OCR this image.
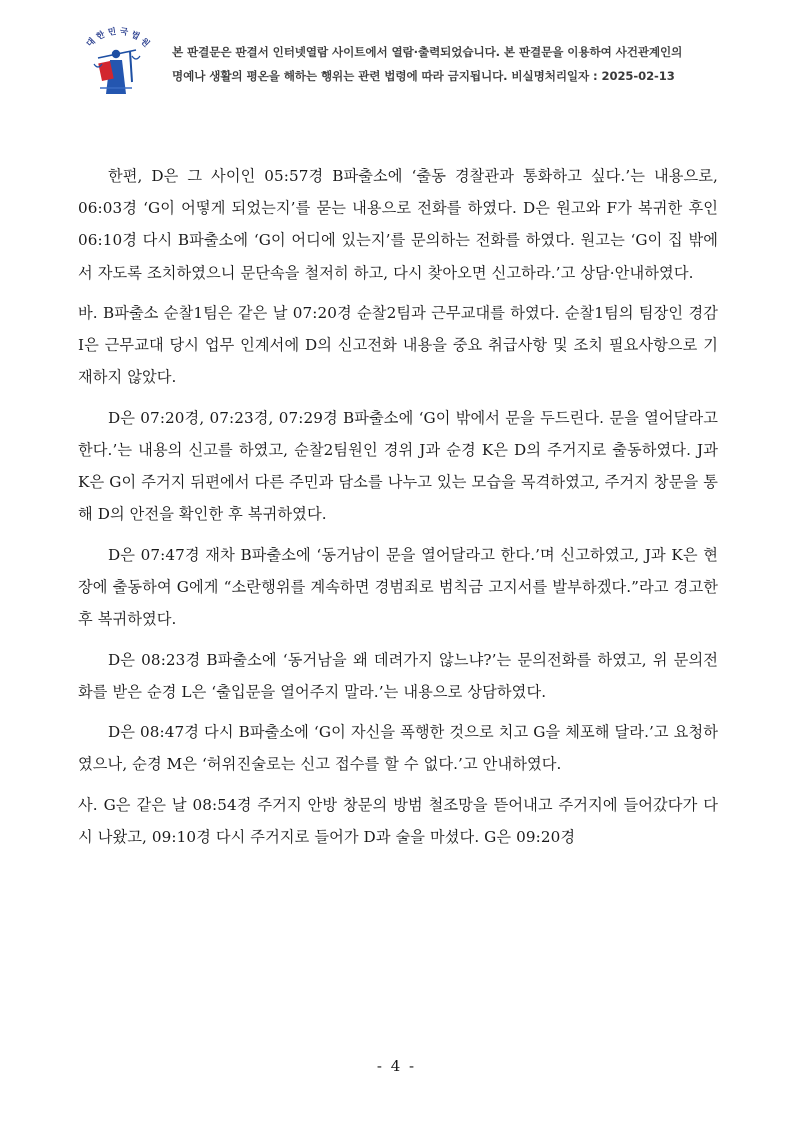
대 한 민 국 법 원
본 판결문은 판결서 인터넷열람 사이트에서 열람·출력되었습니다. 본 판결문을 이용하여 사건관계인의
명예나 생활의 평온을 해하는 행위는 관련 법령에 따라 금지됩니다. 비실명처리일자 : 2025-02-13

한편, D은 그 사이인 05:57경 B파출소에 ‘출동 경찰관과 통화하고 싶다.’는 내용으로, 06:03경 ‘G이 어떻게 되었는지’를 묻는 내용으로 전화를 하였다. D은 원고와 F가 복귀한 후인 06:10경 다시 B파출소에 ‘G이 어디에 있는지’를 문의하는 전화를 하였다. 원고는 ‘G이 집 밖에서 자도록 조치하였으니 문단속을 철저히 하고, 다시 찾아오면 신고하라.’고 상담·안내하였다.

바. B파출소 순찰1팀은 같은 날 07:20경 순찰2팀과 근무교대를 하였다. 순찰1팀의 팀장인 경감 I은 근무교대 당시 업무 인계서에 D의 신고전화 내용을 중요 취급사항 및 조치 필요사항으로 기재하지 않았다.

D은 07:20경, 07:23경, 07:29경 B파출소에 ‘G이 밖에서 문을 두드린다. 문을 열어달라고 한다.’는 내용의 신고를 하였고, 순찰2팀원인 경위 J과 순경 K은 D의 주거지로 출동하였다. J과 K은 G이 주거지 뒤편에서 다른 주민과 담소를 나누고 있는 모습을 목격하였고, 주거지 창문을 통해 D의 안전을 확인한 후 복귀하였다.

D은 07:47경 재차 B파출소에 ‘동거남이 문을 열어달라고 한다.’며 신고하였고, J과 K은 현장에 출동하여 G에게 “소란행위를 계속하면 경범죄로 범칙금 고지서를 발부하겠다.”라고 경고한 후 복귀하였다.

D은 08:23경 B파출소에 ‘동거남을 왜 데려가지 않느냐?’는 문의전화를 하였고, 위 문의전화를 받은 순경 L은 ‘출입문을 열어주지 말라.’는 내용으로 상담하였다.

D은 08:47경 다시 B파출소에 ‘G이 자신을 폭행한 것으로 치고 G을 체포해 달라.’고 요청하였으나, 순경 M은 ‘허위진술로는 신고 접수를 할 수 없다.’고 안내하였다.

사. G은 같은 날 08:54경 주거지 안방 창문의 방범 철조망을 뜯어내고 주거지에 들어갔다가 다시 나왔고, 09:10경 다시 주거지로 들어가 D과 술을 마셨다. G은 09:20경

- 4 -
